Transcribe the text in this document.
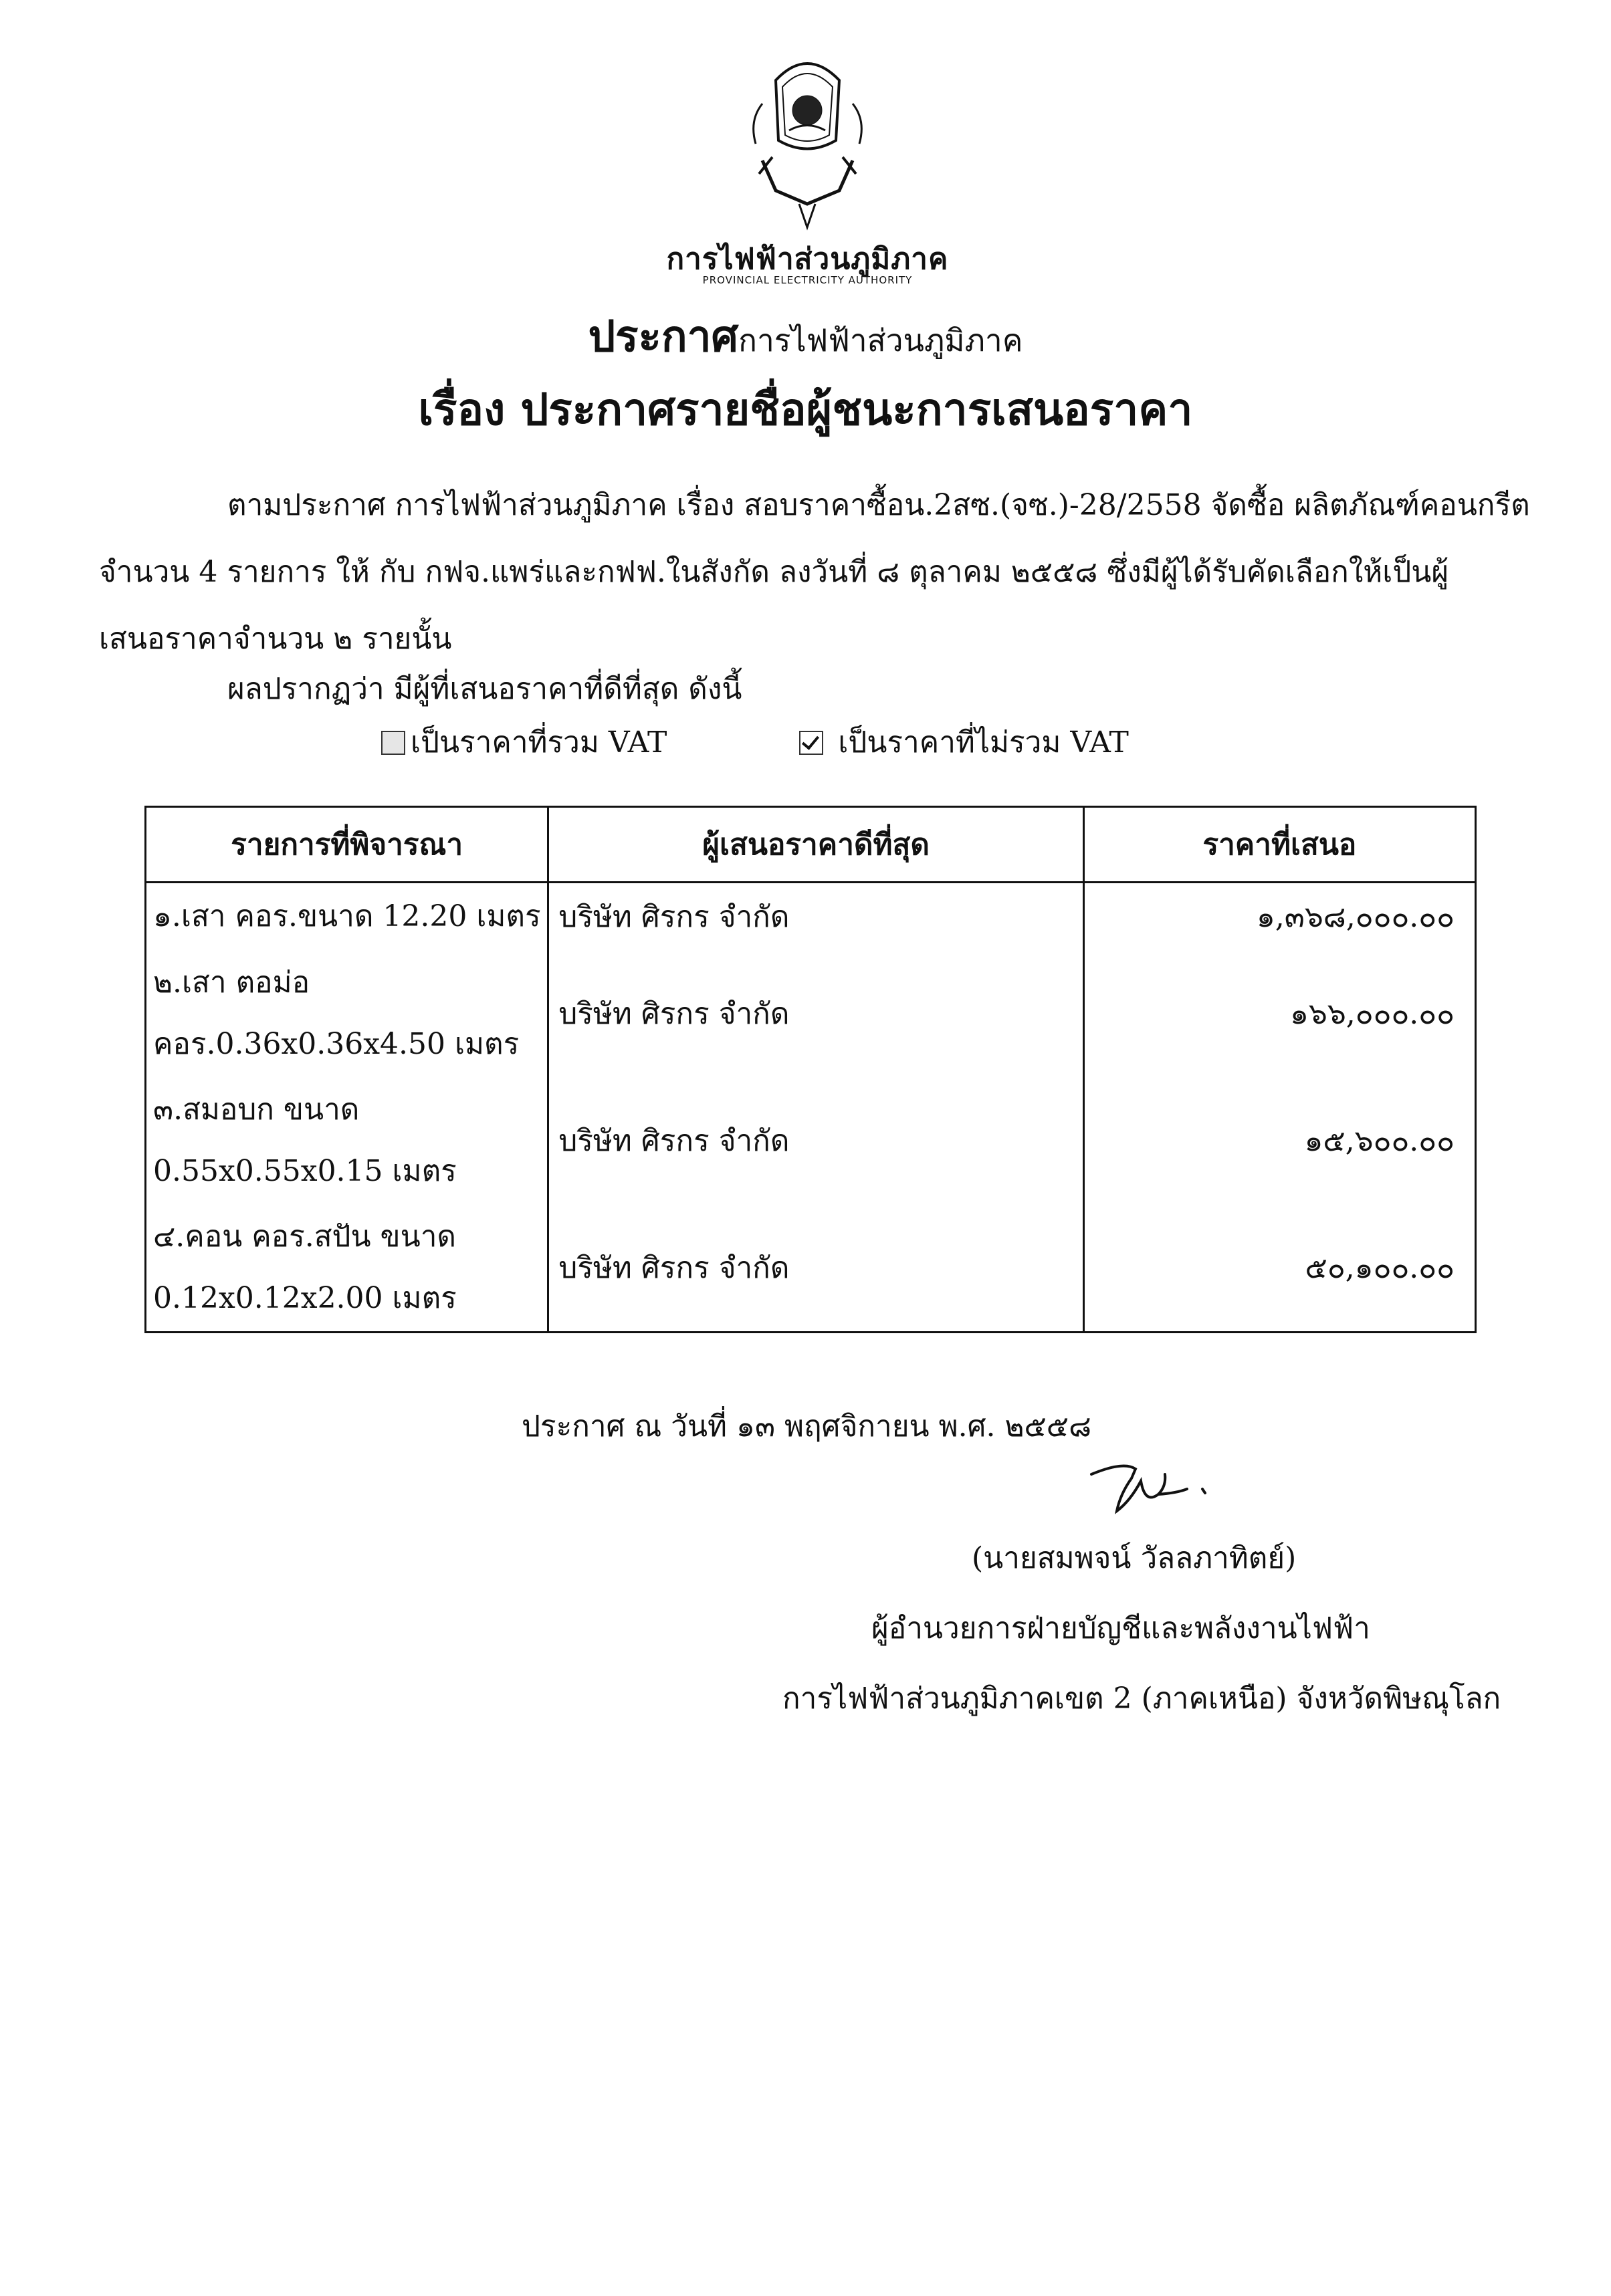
การไฟฟ้าส่วนภูมิภาค
PROVINCIAL ELECTRICITY AUTHORITY
ประกาศการไฟฟ้าส่วนภูมิภาค
เรื่อง ประกาศรายชื่อผู้ชนะการเสนอราคา
ตามประกาศ การไฟฟ้าส่วนภูมิภาค เรื่อง สอบราคาซื้อน.2สซ.(จซ.)-28/2558 จัดซื้อ ผลิตภัณฑ์คอนกรีต
จำนวน 4 รายการ ให้ กับ กฟจ.แพร่และกฟฟ.ในสังกัด ลงวันที่ ๘ ตุลาคม ๒๕๕๘ ซึ่งมีผู้ได้รับคัดเลือกให้เป็นผู้
เสนอราคาจำนวน ๒ รายนั้น
ผลปรากฏว่า มีผู้ที่เสนอราคาที่ดีที่สุด ดังนี้
เป็นราคาที่รวม VAT	เป็นราคาที่ไม่รวม VAT
รายการที่พิจารณา	ผู้เสนอราคาดีที่สุด	ราคาที่เสนอ

๑.เสา คอร.ขนาด 12.20 เมตร	บริษัท ศิรกร จำกัด	๑,๓๖๘,๐๐๐.๐๐

๒.เสา ตอม่อ
คอร.0.36x0.36x4.50 เมตร	บริษัท ศิรกร จำกัด	๑๖๖,๐๐๐.๐๐

๓.สมอบก ขนาด
0.55x0.55x0.15 เมตร	บริษัท ศิรกร จำกัด	๑๕,๖๐๐.๐๐

๔.คอน คอร.สปัน ขนาด
0.12x0.12x2.00 เมตร	บริษัท ศิรกร จำกัด	๕๐,๑๐๐.๐๐
ประกาศ ณ วันที่ ๑๓ พฤศจิกายน พ.ศ. ๒๕๕๘
(นายสมพจน์ วัลลภาทิตย์)
ผู้อำนวยการฝ่ายบัญชีและพลังงานไฟฟ้า
การไฟฟ้าส่วนภูมิภาคเขต 2 (ภาคเหนือ) จังหวัดพิษณุโลก
